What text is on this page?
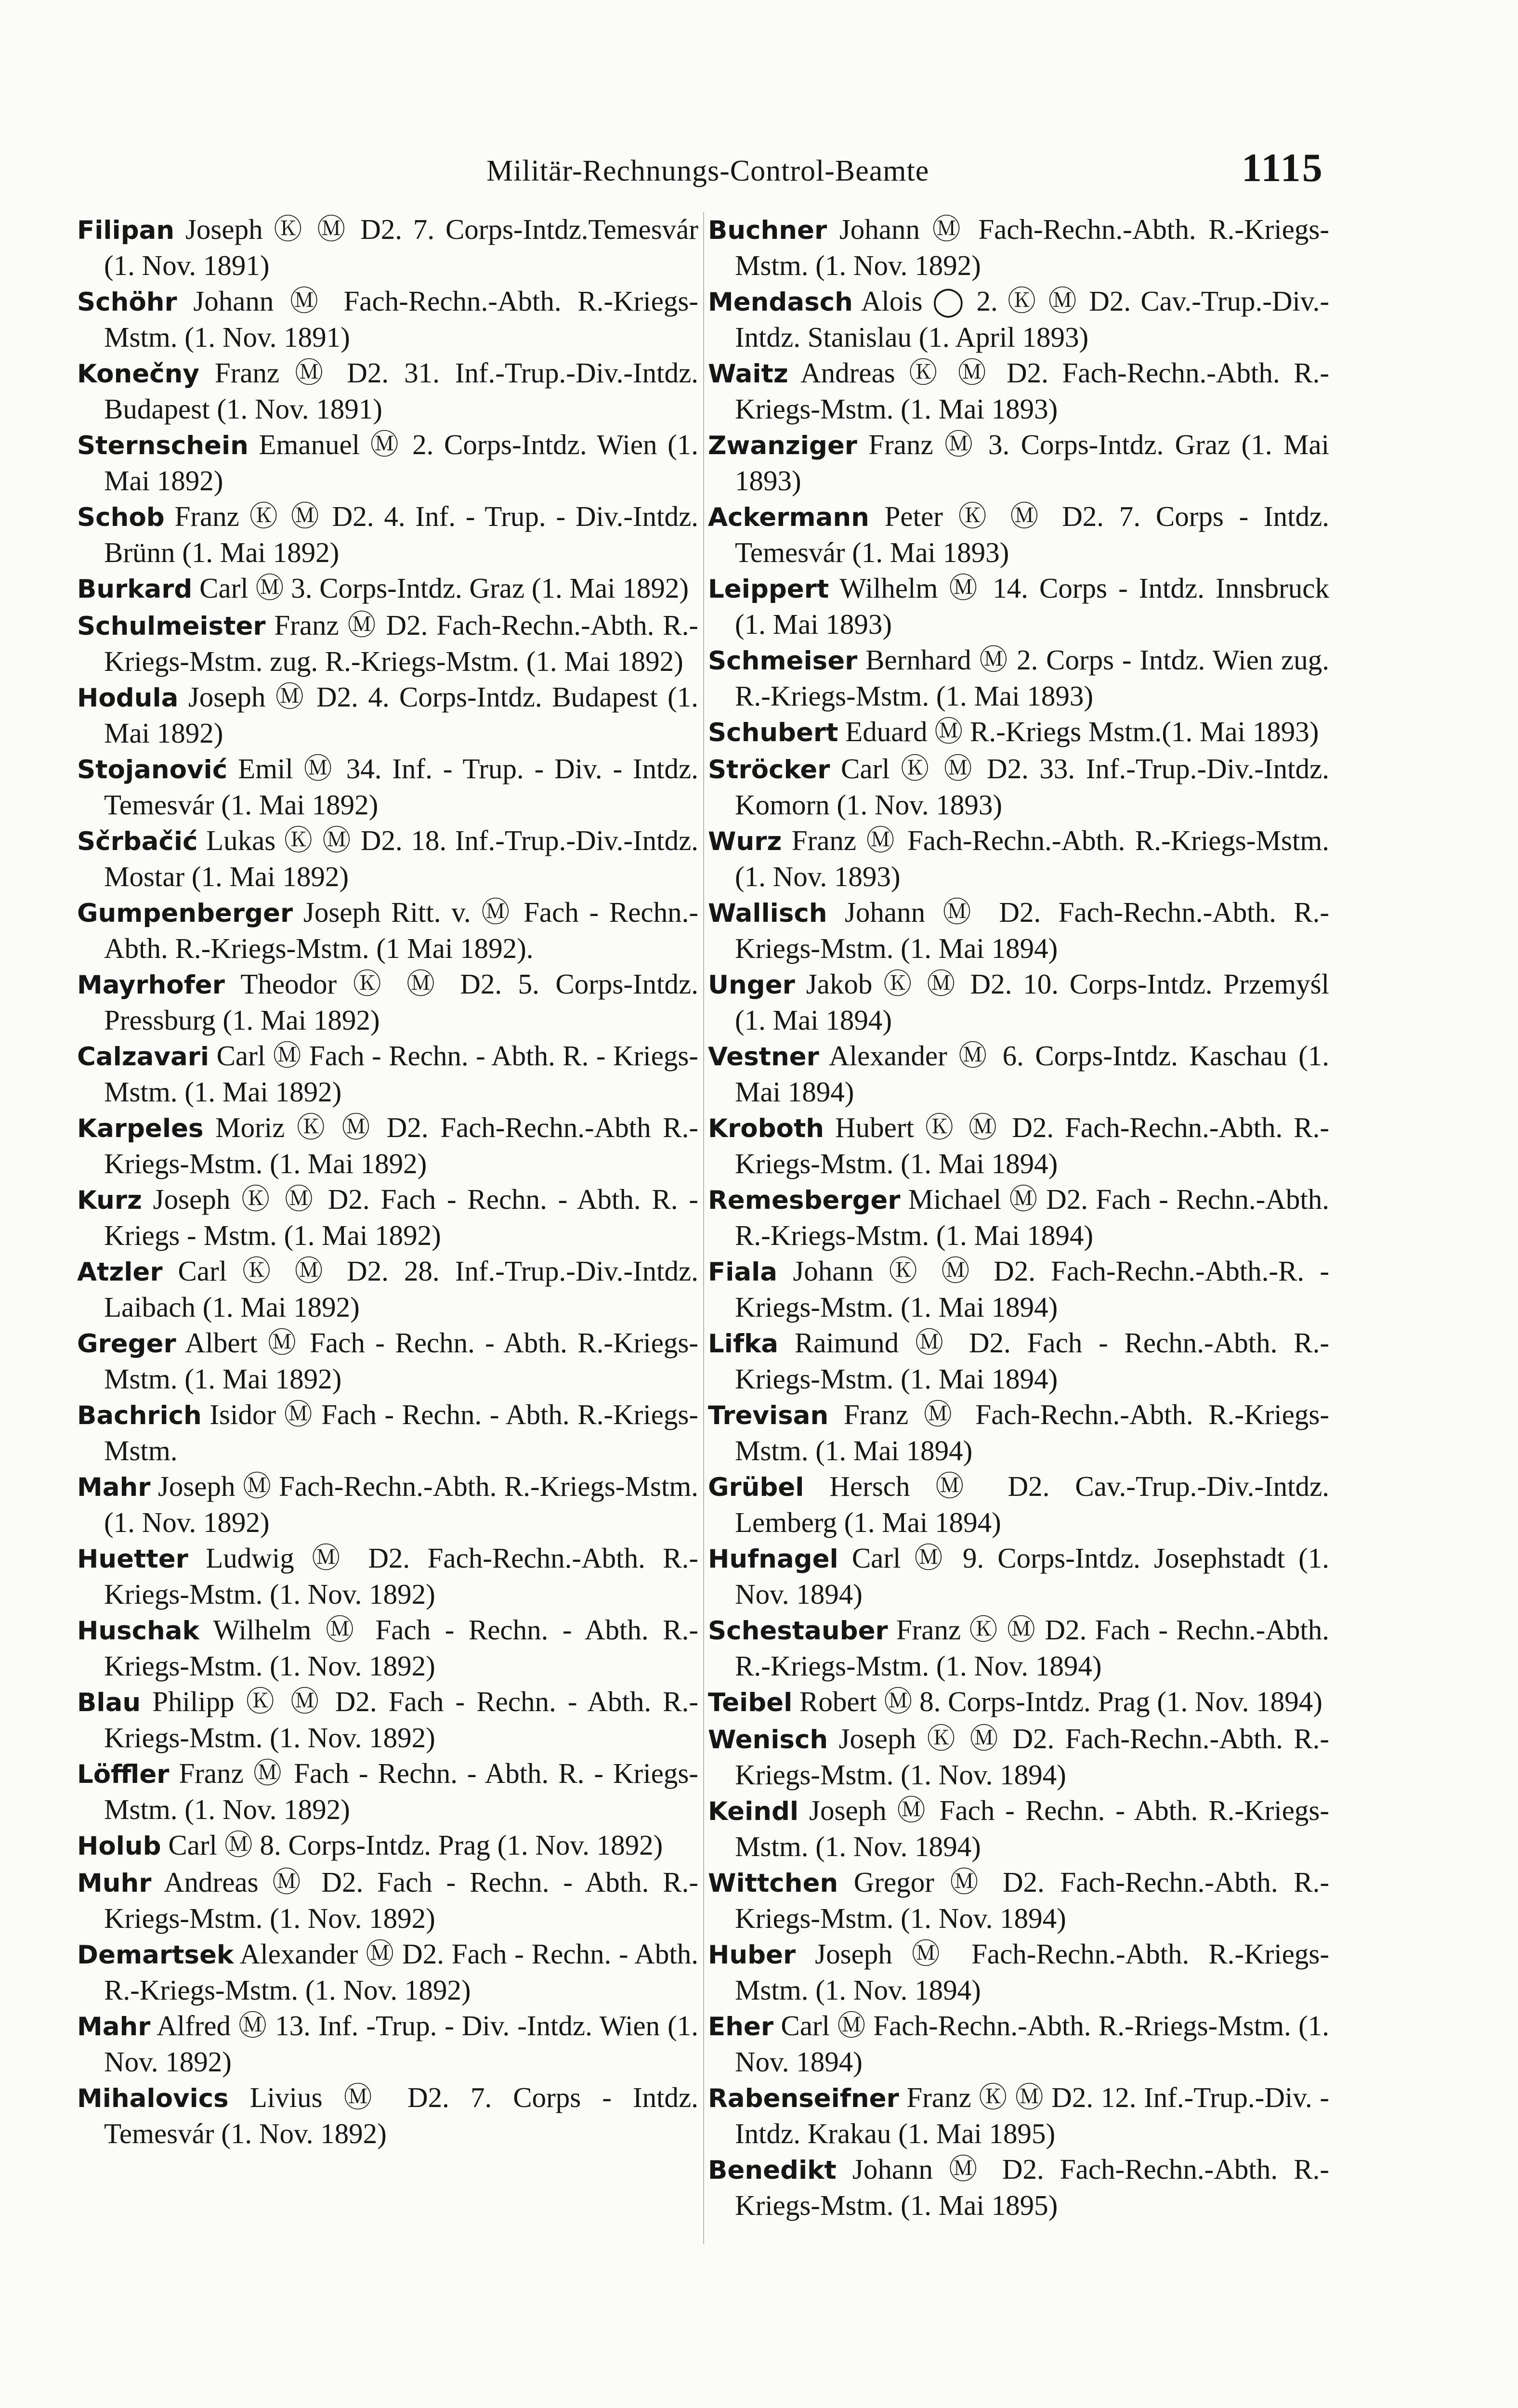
Militär-Rechnungs-Control-Beamte	1115

Filipan Joseph Ⓚ Ⓜ D2. 7. Corps-Intdz.Temesvár (1. Nov. 1891)

Schöhr Johann Ⓜ Fach-Rechn.-Abth. R.-Kriegs-Mstm. (1. Nov. 1891)

Konečny Franz Ⓜ D2. 31. Inf.-Trup.-Div.-Intdz. Budapest (1. Nov. 1891)

Sternschein Emanuel Ⓜ 2. Corps-Intdz. Wien (1. Mai 1892)

Schob Franz Ⓚ Ⓜ D2. 4. Inf. - Trup. - Div.-Intdz. Brünn (1. Mai 1892)

Burkard Carl Ⓜ 3. Corps-Intdz. Graz (1. Mai 1892)

Schulmeister Franz Ⓜ D2. Fach-Rechn.-Abth. R.-Kriegs-Mstm. zug. R.-Kriegs-Mstm. (1. Mai 1892)

Hodula Joseph Ⓜ D2. 4. Corps-Intdz. Budapest (1. Mai 1892)

Stojanović Emil Ⓜ 34. Inf. - Trup. - Div. - Intdz. Temesvár (1. Mai 1892)

Sčrbačić Lukas Ⓚ Ⓜ D2. 18. Inf.-Trup.-Div.-Intdz. Mostar (1. Mai 1892)

Gumpenberger Joseph Ritt. v. Ⓜ Fach - Rechn.- Abth. R.-Kriegs-Mstm. (1 Mai 1892).

Mayrhofer Theodor Ⓚ Ⓜ D2. 5. Corps-Intdz. Pressburg (1. Mai 1892)

Calzavari Carl Ⓜ Fach - Rechn. - Abth. R. - Kriegs-Mstm. (1. Mai 1892)

Karpeles Moriz Ⓚ Ⓜ D2. Fach-Rechn.-Abth R.-Kriegs-Mstm. (1. Mai 1892)

Kurz Joseph Ⓚ Ⓜ D2. Fach - Rechn. - Abth. R. - Kriegs - Mstm. (1. Mai 1892)

Atzler Carl Ⓚ Ⓜ D2. 28. Inf.-Trup.-Div.-Intdz. Laibach (1. Mai 1892)

Greger Albert Ⓜ Fach - Rechn. - Abth. R.-Kriegs-Mstm. (1. Mai 1892)

Bachrich Isidor Ⓜ Fach - Rechn. - Abth. R.-Kriegs-Mstm.

Mahr Joseph Ⓜ Fach-Rechn.-Abth. R.-Kriegs-Mstm. (1. Nov. 1892)

Huetter Ludwig Ⓜ D2. Fach-Rechn.-Abth. R.-Kriegs-Mstm. (1. Nov. 1892)

Huschak Wilhelm Ⓜ Fach - Rechn. - Abth. R.-Kriegs-Mstm. (1. Nov. 1892)

Blau Philipp Ⓚ Ⓜ D2. Fach - Rechn. - Abth. R.-Kriegs-Mstm. (1. Nov. 1892)

Löffler Franz Ⓜ Fach - Rechn. - Abth. R. - Kriegs-Mstm. (1. Nov. 1892)

Holub Carl Ⓜ 8. Corps-Intdz. Prag (1. Nov. 1892)

Muhr Andreas Ⓜ D2. Fach - Rechn. - Abth. R.-Kriegs-Mstm. (1. Nov. 1892)

Demartsek Alexander Ⓜ D2. Fach - Rechn. - Abth. R.-Kriegs-Mstm. (1. Nov. 1892)

Mahr Alfred Ⓜ 13. Inf. -Trup. - Div. -Intdz. Wien (1. Nov. 1892)

Mihalovics Livius Ⓜ D2. 7. Corps - Intdz. Temesvár (1. Nov. 1892)

Buchner Johann Ⓜ Fach-Rechn.-Abth. R.-Kriegs-Mstm. (1. Nov. 1892)

Mendasch Alois ◯ 2. Ⓚ Ⓜ D2. Cav.-Trup.-Div.-Intdz. Stanislau (1. April 1893)

Waitz Andreas Ⓚ Ⓜ D2. Fach-Rechn.-Abth. R.-Kriegs-Mstm. (1. Mai 1893)

Zwanziger Franz Ⓜ 3. Corps-Intdz. Graz (1. Mai 1893)

Ackermann Peter Ⓚ Ⓜ D2. 7. Corps - Intdz. Temesvár (1. Mai 1893)

Leippert Wilhelm Ⓜ 14. Corps - Intdz. Innsbruck (1. Mai 1893)

Schmeiser Bernhard Ⓜ 2. Corps - Intdz. Wien zug. R.-Kriegs-Mstm. (1. Mai 1893)

Schubert Eduard Ⓜ R.-Kriegs Mstm.(1. Mai 1893)

Ströcker Carl Ⓚ Ⓜ D2. 33. Inf.-Trup.-Div.-Intdz. Komorn (1. Nov. 1893)

Wurz Franz Ⓜ Fach-Rechn.-Abth. R.-Kriegs-Mstm. (1. Nov. 1893)

Wallisch Johann Ⓜ D2. Fach-Rechn.-Abth. R.-Kriegs-Mstm. (1. Mai 1894)

Unger Jakob Ⓚ Ⓜ D2. 10. Corps-Intdz. Przemyśl (1. Mai 1894)

Vestner Alexander Ⓜ 6. Corps-Intdz. Kaschau (1. Mai 1894)

Kroboth Hubert Ⓚ Ⓜ D2. Fach-Rechn.-Abth. R.-Kriegs-Mstm. (1. Mai 1894)

Remesberger Michael Ⓜ D2. Fach - Rechn.-Abth. R.-Kriegs-Mstm. (1. Mai 1894)

Fiala Johann Ⓚ Ⓜ D2. Fach-Rechn.-Abth.-R. - Kriegs-Mstm. (1. Mai 1894)

Lifka Raimund Ⓜ D2. Fach - Rechn.-Abth. R.-Kriegs-Mstm. (1. Mai 1894)

Trevisan Franz Ⓜ Fach-Rechn.-Abth. R.-Kriegs-Mstm. (1. Mai 1894)

Grübel Hersch Ⓜ D2. Cav.-Trup.-Div.-Intdz. Lemberg (1. Mai 1894)

Hufnagel Carl Ⓜ 9. Corps-Intdz. Josephstadt (1. Nov. 1894)

Schestauber Franz Ⓚ Ⓜ D2. Fach - Rechn.-Abth. R.-Kriegs-Mstm. (1. Nov. 1894)

Teibel Robert Ⓜ 8. Corps-Intdz. Prag (1. Nov. 1894)

Wenisch Joseph Ⓚ Ⓜ D2. Fach-Rechn.-Abth. R.-Kriegs-Mstm. (1. Nov. 1894)

Keindl Joseph Ⓜ Fach - Rechn. - Abth. R.-Kriegs-Mstm. (1. Nov. 1894)

Wittchen Gregor Ⓜ D2. Fach-Rechn.-Abth. R.-Kriegs-Mstm. (1. Nov. 1894)

Huber Joseph Ⓜ Fach-Rechn.-Abth. R.-Kriegs-Mstm. (1. Nov. 1894)

Eher Carl Ⓜ Fach-Rechn.-Abth. R.-Rriegs-Mstm. (1. Nov. 1894)

Rabenseifner Franz Ⓚ Ⓜ D2. 12. Inf.-Trup.-Div. - Intdz. Krakau (1. Mai 1895)

Benedikt Johann Ⓜ D2. Fach-Rechn.-Abth. R.-Kriegs-Mstm. (1. Mai 1895)
